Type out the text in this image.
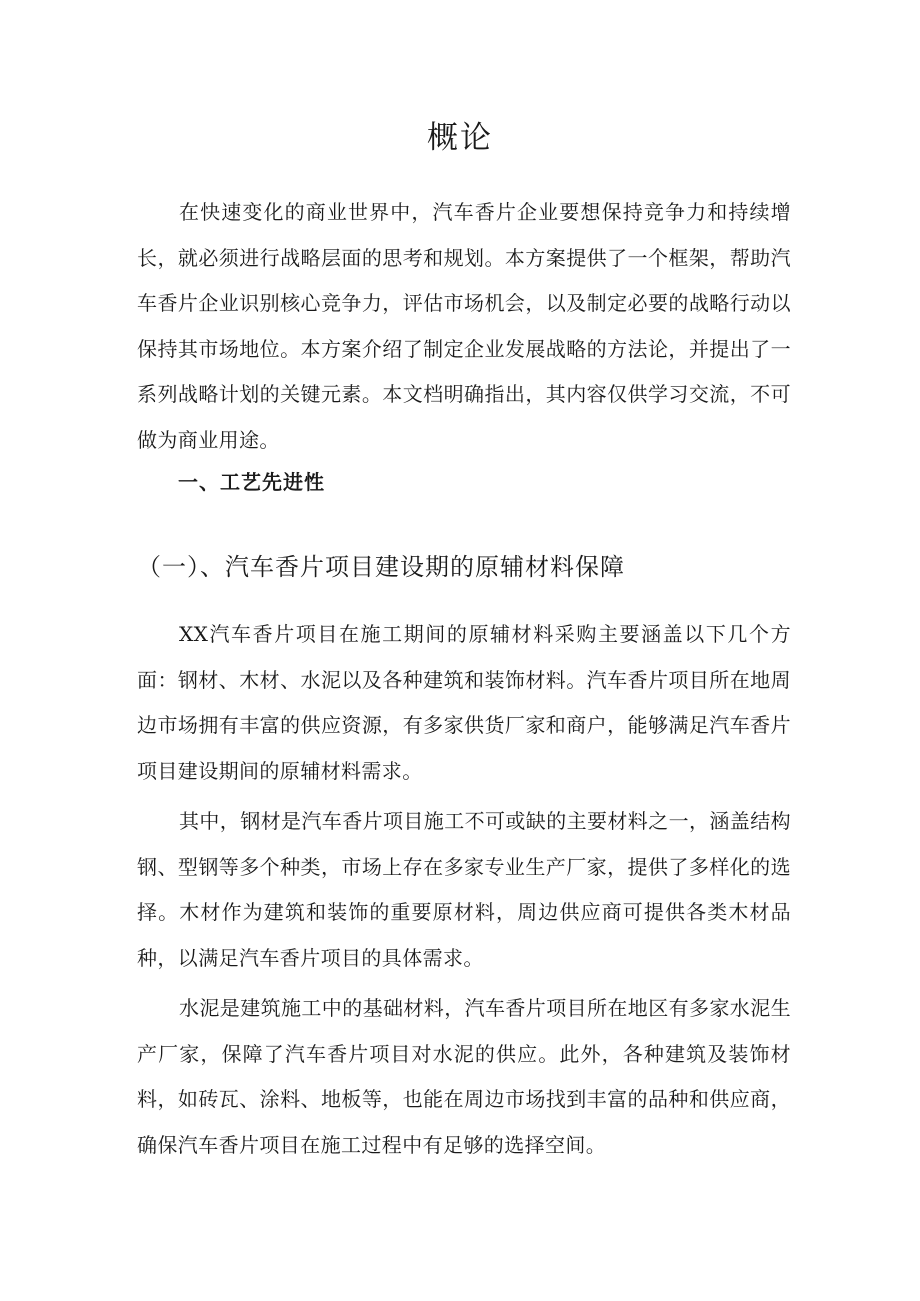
概论

在快速变化的商业世界中，汽车香片企业要想保持竞争力和持续增长，就必须进行战略层面的思考和规划。本方案提供了一个框架，帮助汽车香片企业识别核心竞争力，评估市场机会，以及制定必要的战略行动以保持其市场地位。本方案介绍了制定企业发展战略的方法论，并提出了一系列战略计划的关键元素。本文档明确指出，其内容仅供学习交流，不可做为商业用途。

一、工艺先进性
（一）、汽车香片项目建设期的原辅材料保障

XX汽车香片项目在施工期间的原辅材料采购主要涵盖以下几个方面：钢材、木材、水泥以及各种建筑和装饰材料。汽车香片项目所在地周边市场拥有丰富的供应资源，有多家供货厂家和商户，能够满足汽车香片项目建设期间的原辅材料需求。

其中，钢材是汽车香片项目施工不可或缺的主要材料之一，涵盖结构钢、型钢等多个种类，市场上存在多家专业生产厂家，提供了多样化的选择。木材作为建筑和装饰的重要原材料，周边供应商可提供各类木材品种，以满足汽车香片项目的具体需求。

水泥是建筑施工中的基础材料，汽车香片项目所在地区有多家水泥生产厂家，保障了汽车香片项目对水泥的供应。此外，各种建筑及装饰材料，如砖瓦、涂料、地板等，也能在周边市场找到丰富的品种和供应商，确保汽车香片项目在施工过程中有足够的选择空间。
